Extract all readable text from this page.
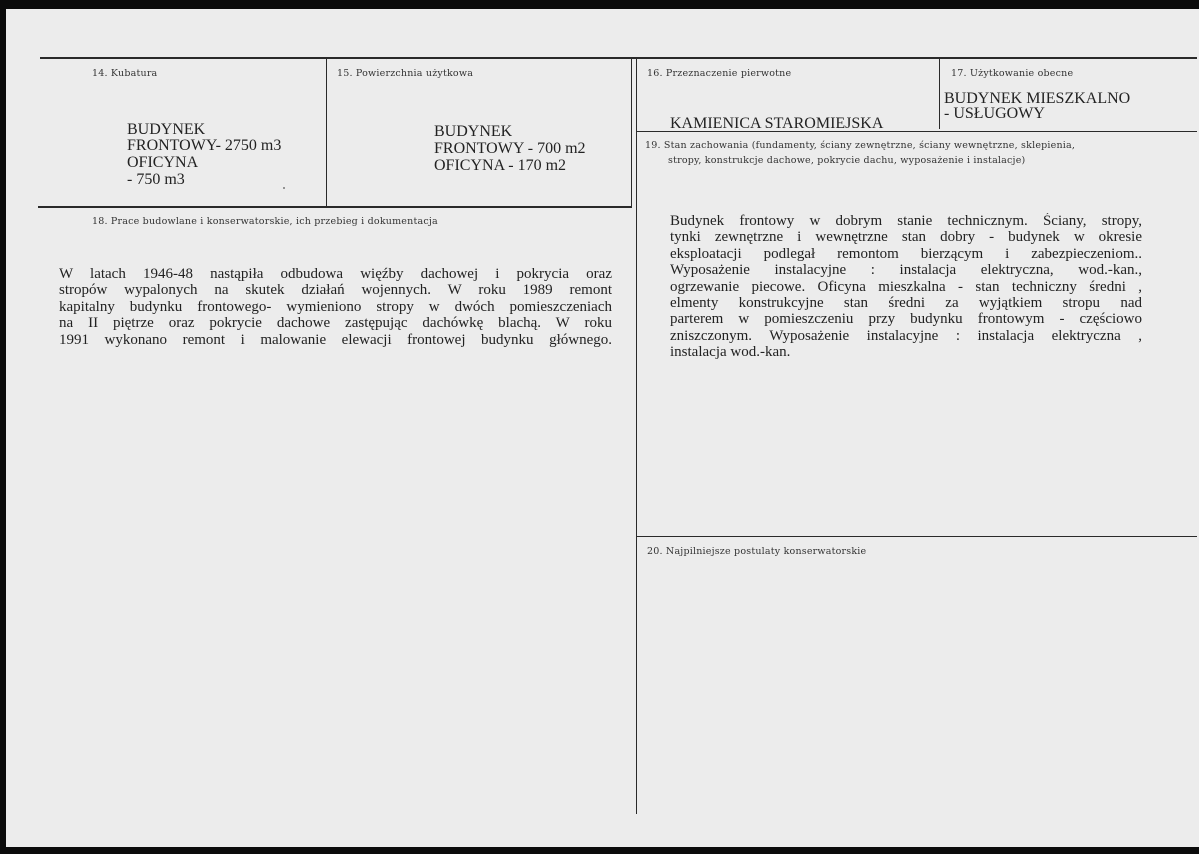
14. Kubatura
BUDYNEK
FRONTOWY- 2750 m3
OFICYNA
- 750 m3
15. Powierzchnia użytkowa
BUDYNEK
FRONTOWY - 700 m2
OFICYNA - 170 m2
16. Przeznaczenie pierwotne
KAMIENICA STAROMIEJSKA
17. Użytkowanie obecne
BUDYNEK MIESZKALNO
- USŁUGOWY
18. Prace budowlane i konserwatorskie, ich przebieg i dokumentacja
W latach 1946-48 nastąpiła odbudowa więźby dachowej i pokrycia oraz
stropów wypalonych na skutek działań wojennych. W roku 1989 remont
kapitalny budynku frontowego- wymieniono stropy w dwóch pomieszczeniach
na II piętrze oraz pokrycie dachowe zastępując dachówkę blachą. W roku
1991 wykonano remont i malowanie elewacji frontowej budynku głównego.
19. Stan zachowania (fundamenty, ściany zewnętrzne, ściany wewnętrzne, sklepienia,
stropy, konstrukcje dachowe, pokrycie dachu, wyposażenie i instalacje)
Budynek frontowy w dobrym stanie technicznym. Ściany, stropy,
tynki zewnętrzne i wewnętrzne stan dobry - budynek w okresie
eksploatacji podlegał remontom bierzącym i zabezpieczeniom..
Wyposażenie instalacyjne : instalacja elektryczna, wod.-kan.,
ogrzewanie piecowe. Oficyna mieszkalna - stan techniczny średni ,
elmenty konstrukcyjne stan średni za wyjątkiem stropu nad
parterem w pomieszczeniu przy budynku frontowym - częściowo
zniszczonym. Wyposażenie instalacyjne : instalacja elektryczna ,
instalacja wod.-kan.
20. Najpilniejsze postulaty konserwatorskie
